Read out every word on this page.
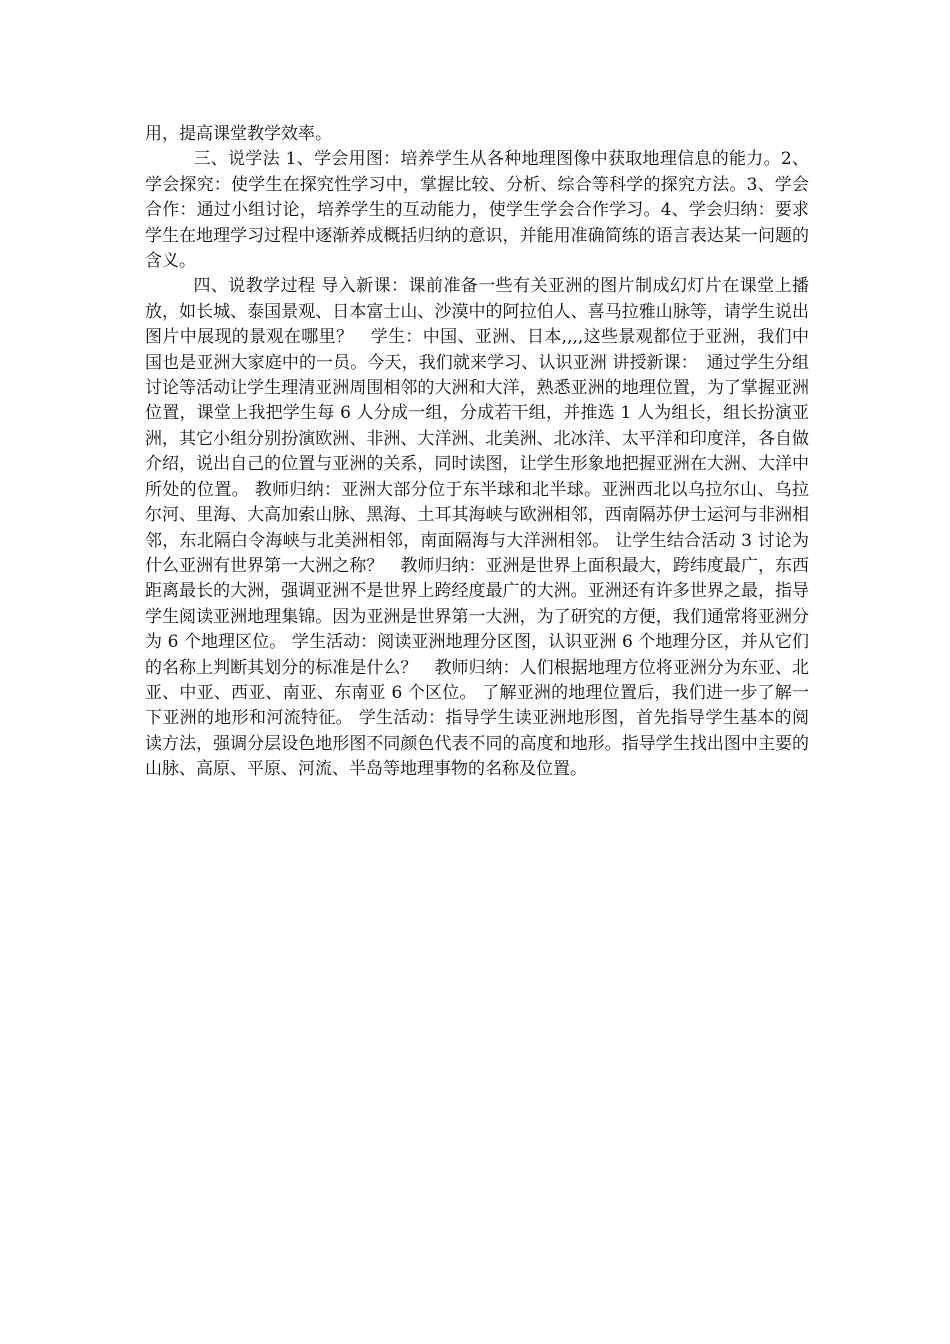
用，提高课堂教学效率。

三、说学法 1、学会用图：培养学生从各种地理图像中获取地理信息的能力。2、学会探究：使学生在探究性学习中，掌握比较、分析、综合等科学的探究方法。3、学会合作：通过小组讨论，培养学生的互动能力，使学生学会合作学习。4、学会归纳：要求学生在地理学习过程中逐渐养成概括归纳的意识，并能用准确简练的语言表达某一问题的含义。

四、说教学过程 导入新课：课前准备一些有关亚洲的图片制成幻灯片在课堂上播放，如长城、泰国景观、日本富士山、沙漠中的阿拉伯人、喜马拉雅山脉等，请学生说出图片中展现的景观在哪里？　学生：中国、亚洲、日本,,,,这些景观都位于亚洲，我们中国也是亚洲大家庭中的一员。今天，我们就来学习、认识亚洲 讲授新课：　通过学生分组讨论等活动让学生理清亚洲周围相邻的大洲和大洋，熟悉亚洲的地理位置，为了掌握亚洲位置，课堂上我把学生每 6 人分成一组，分成若干组，并推选 1 人为组长，组长扮演亚洲，其它小组分别扮演欧洲、非洲、大洋洲、北美洲、北冰洋、太平洋和印度洋，各自做介绍，说出自己的位置与亚洲的关系，同时读图，让学生形象地把握亚洲在大洲、大洋中所处的位置。 教师归纳：亚洲大部分位于东半球和北半球。亚洲西北以乌拉尔山、乌拉尔河、里海、大高加索山脉、黑海、土耳其海峡与欧洲相邻，西南隔苏伊士运河与非洲相邻，东北隔白令海峡与北美洲相邻，南面隔海与大洋洲相邻。 让学生结合活动 3 讨论为什么亚洲有世界第一大洲之称？　教师归纳：亚洲是世界上面积最大，跨纬度最广，东西距离最长的大洲，强调亚洲不是世界上跨经度最广的大洲。亚洲还有许多世界之最，指导学生阅读亚洲地理集锦。因为亚洲是世界第一大洲，为了研究的方便，我们通常将亚洲分为 6 个地理区位。 学生活动：阅读亚洲地理分区图，认识亚洲 6 个地理分区，并从它们的名称上判断其划分的标准是什么？　教师归纳：人们根据地理方位将亚洲分为东亚、北亚、中亚、西亚、南亚、东南亚 6 个区位。 了解亚洲的地理位置后，我们进一步了解一下亚洲的地形和河流特征。 学生活动：指导学生读亚洲地形图，首先指导学生基本的阅读方法，强调分层设色地形图不同颜色代表不同的高度和地形。指导学生找出图中主要的山脉、高原、平原、河流、半岛等地理事物的名称及位置。
